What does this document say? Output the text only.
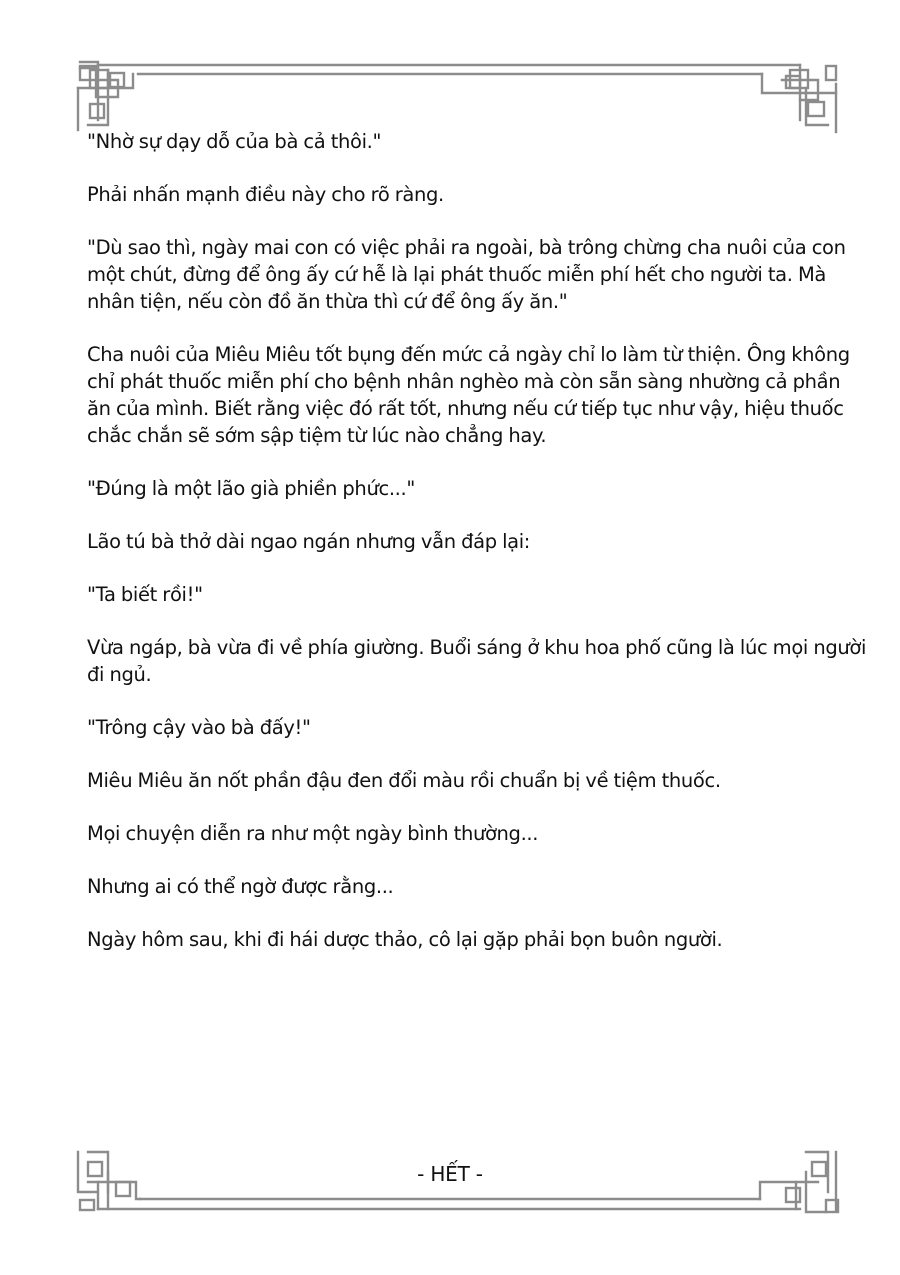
"Nhờ sự dạy dỗ của bà cả thôi."

Phải nhấn mạnh điều này cho rõ ràng.

"Dù sao thì, ngày mai con có việc phải ra ngoài, bà trông chừng cha nuôi của con một chút, đừng để ông ấy cứ hễ là lại phát thuốc miễn phí hết cho người ta. Mà nhân tiện, nếu còn đồ ăn thừa thì cứ để ông ấy ăn."

Cha nuôi của Miêu Miêu tốt bụng đến mức cả ngày chỉ lo làm từ thiện. Ông không chỉ phát thuốc miễn phí cho bệnh nhân nghèo mà còn sẵn sàng nhường cả phần ăn của mình. Biết rằng việc đó rất tốt, nhưng nếu cứ tiếp tục như vậy, hiệu thuốc chắc chắn sẽ sớm sập tiệm từ lúc nào chẳng hay.

"Đúng là một lão già phiền phức..."

Lão tú bà thở dài ngao ngán nhưng vẫn đáp lại:

"Ta biết rồi!"

Vừa ngáp, bà vừa đi về phía giường. Buổi sáng ở khu hoa phố cũng là lúc mọi người đi ngủ.

"Trông cậy vào bà đấy!"

Miêu Miêu ăn nốt phần đậu đen đổi màu rồi chuẩn bị về tiệm thuốc.

Mọi chuyện diễn ra như một ngày bình thường...

Nhưng ai có thể ngờ được rằng...

Ngày hôm sau, khi đi hái dược thảo, cô lại gặp phải bọn buôn người.

- HẾT -
